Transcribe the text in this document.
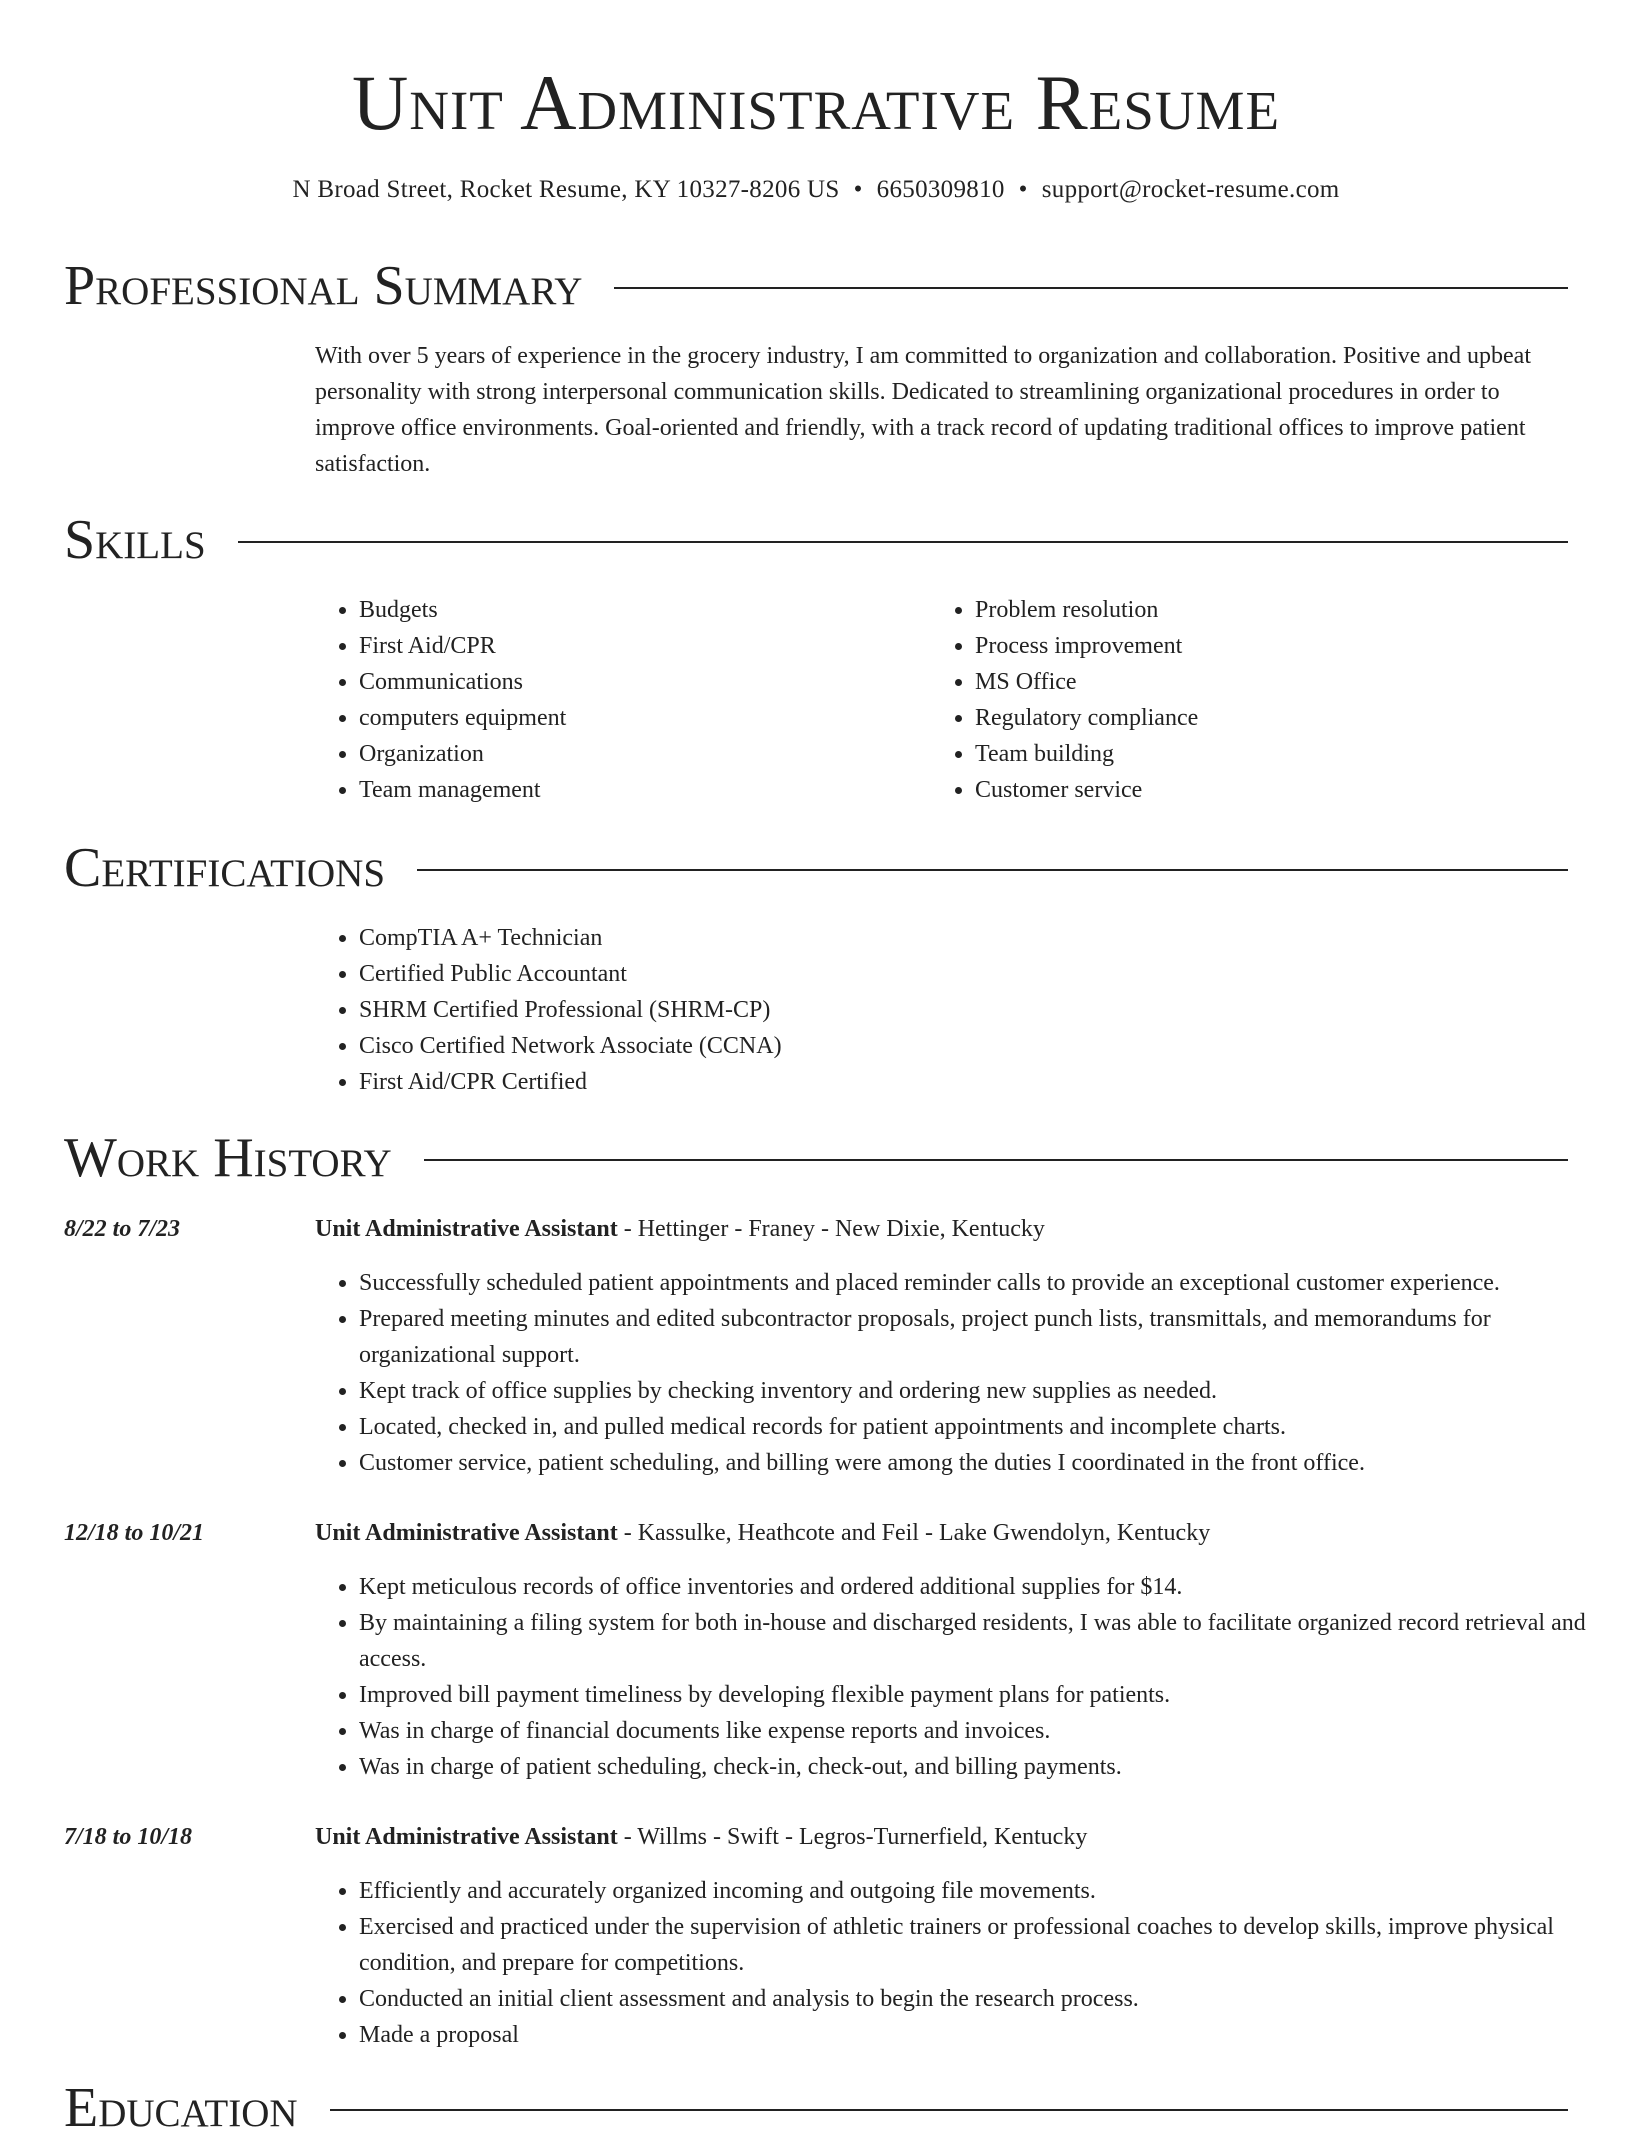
Unit Administrative Resume
N Broad Street, Rocket Resume, KY 10327-8206 US • 6650309810 • support@rocket-resume.com
Professional Summary

With over 5 years of experience in the grocery industry, I am committed to organization and collaboration. Positive and upbeat personality with strong interpersonal communication skills. Dedicated to streamlining organizational procedures in order to improve office environments. Goal-oriented and friendly, with a track record of updating traditional offices to improve patient satisfaction.

Skills
• Budgets
• First Aid/CPR
• Communications
• computers equipment
• Organization
• Team management
• Problem resolution
• Process improvement
• MS Office
• Regulatory compliance
• Team building
• Customer service
Certifications
• CompTIA A+ Technician
• Certified Public Accountant
• SHRM Certified Professional (SHRM-CP)
• Cisco Certified Network Associate (CCNA)
• First Aid/CPR Certified
Work History
8/22 to 7/23	Unit Administrative Assistant - Hettinger - Franey - New Dixie, Kentucky
• Successfully scheduled patient appointments and placed reminder calls to provide an exceptional customer experience.
• Prepared meeting minutes and edited subcontractor proposals, project punch lists, transmittals, and memorandums for organizational support.
• Kept track of office supplies by checking inventory and ordering new supplies as needed.
• Located, checked in, and pulled medical records for patient appointments and incomplete charts.
• Customer service, patient scheduling, and billing were among the duties I coordinated in the front office.
12/18 to 10/21	Unit Administrative Assistant - Kassulke, Heathcote and Feil - Lake Gwendolyn, Kentucky
• Kept meticulous records of office inventories and ordered additional supplies for $14.
• By maintaining a filing system for both in-house and discharged residents, I was able to facilitate organized record retrieval and access.
• Improved bill payment timeliness by developing flexible payment plans for patients.
• Was in charge of financial documents like expense reports and invoices.
• Was in charge of patient scheduling, check-in, check-out, and billing payments.
7/18 to 10/18	Unit Administrative Assistant - Willms - Swift - Legros-Turnerfield, Kentucky
• Efficiently and accurately organized incoming and outgoing file movements.
• Exercised and practiced under the supervision of athletic trainers or professional coaches to develop skills, improve physical condition, and prepare for competitions.
• Conducted an initial client assessment and analysis to begin the research process.
• Made a proposal
Education
